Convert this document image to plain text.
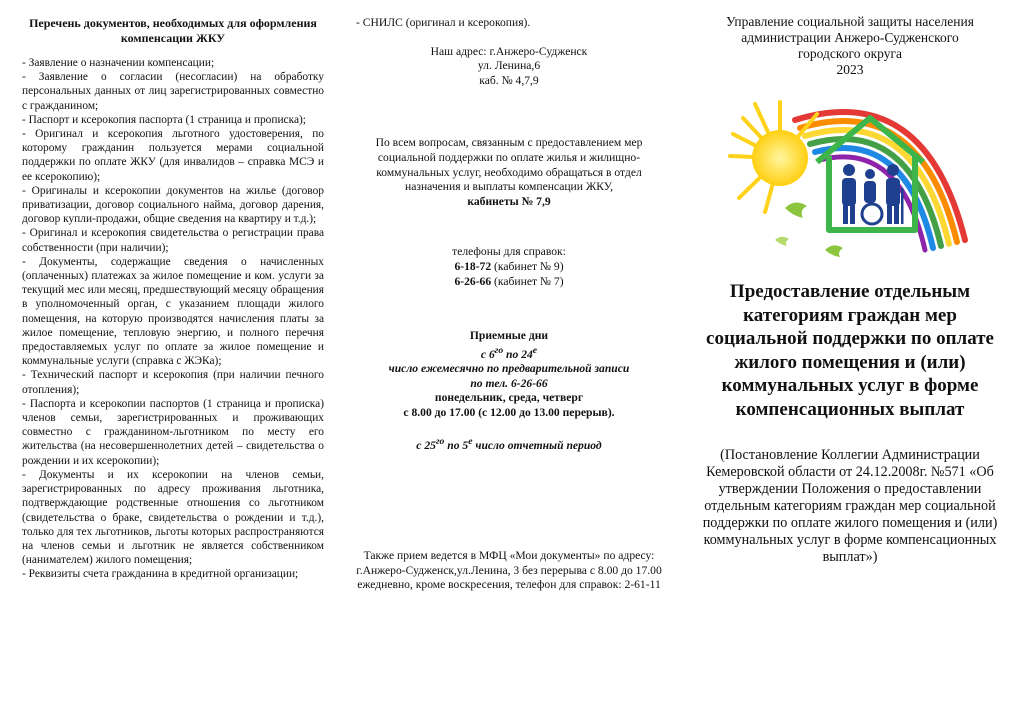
Перечень документов, необходимых для оформления компенсации ЖКУ
- Заявление о назначении компенсации;
- Заявление о согласии (несогласии) на обработку персональных данных от лиц зарегистрированных совместно с гражданином;
- Паспорт и ксерокопия паспорта (1 страница и прописка);
- Оригинал и ксерокопия льготного удостоверения, по которому гражданин пользуется мерами социальной поддержки по оплате ЖКУ (для инвалидов – справка МСЭ и ее ксерокопию);
- Оригиналы и ксерокопии документов на жилье (договор приватизации, договор социального найма, договор дарения, договор купли-продажи, общие сведения на квартиру и т.д.);
- Оригинал и ксерокопия свидетельства о регистрации права собственности (при наличии);
- Документы, содержащие сведения о начисленных (оплаченных) платежах за жилое помещение и ком. услуги за текущий мес или месяц, предшествующий месяцу обращения в уполномоченный орган, с указанием площади жилого помещения, на которую производятся начисления платы за жилое помещение, тепловую энергию, и полного перечня предоставляемых услуг по оплате за жилое помещение и коммунальные услуги (справка с ЖЭКа);
- Технический паспорт и ксерокопия (при наличии печного отопления);
- Паспорта и ксерокопии паспортов (1 страница и прописка) членов семьи, зарегистрированных и проживающих совместно с гражданином-льготником по месту его жительства (на несовершеннолетних детей – свидетельства о рождении и их ксерокопии);
- Документы и их ксерокопии на членов семьи, зарегистрированных по адресу проживания льготника, подтверждающие родственные отношения со льготником (свидетельства о браке, свидетельства о рождении и т.д.), только для тех льготников, льготы которых распространяются на членов семьи и льготник не является собственником (нанимателем) жилого помещения;
- Реквизиты счета гражданина в кредитной организации;
- СНИЛС (оригинал и ксерокопия).
Наш адрес: г.Анжеро-Судженск
ул. Ленина,6
каб. № 4,7,9
По всем вопросам, связанным с предоставлением мер социальной поддержки по оплате жилья и жилищно-коммунальных услуг, необходимо обращаться в отдел назначения и выплаты компенсации ЖКУ,
кабинеты № 7,9
телефоны для справок:
6-18-72 (кабинет № 9)
6-26-66 (кабинет № 7)
Приемные дни
с $6^{го}$ по $24^е$
число ежемесячно по предварительной записи
по тел. 6-26-66
понедельник, среда, четверг
с 8.00 до 17.00 (с 12.00 до 13.00 перерыв).
с $25^{го}$ по $5^е$ число отчетный период
Также прием ведется в МФЦ «Мои документы» по адресу: г.Анжеро-Судженск,ул.Ленина, 3 без перерыва с 8.00 до 17.00 ежедневно, кроме воскресения, телефон для справок: 2-61-11
Управление социальной защиты населения
администрации Анжеро-Судженского
городского округа
2023
Предоставление отдельным категориям граждан мер социальной поддержки по оплате жилого помещения и (или) коммунальных услуг в форме компенсационных выплат
(Постановление Коллегии Администрации Кемеровской области от 24.12.2008г. №571 «Об утверждении Положения о предоставлении отдельным категориям граждан мер социальной поддержки по оплате жилого помещения и (или) коммунальных услуг в форме компенсационных выплат»)
